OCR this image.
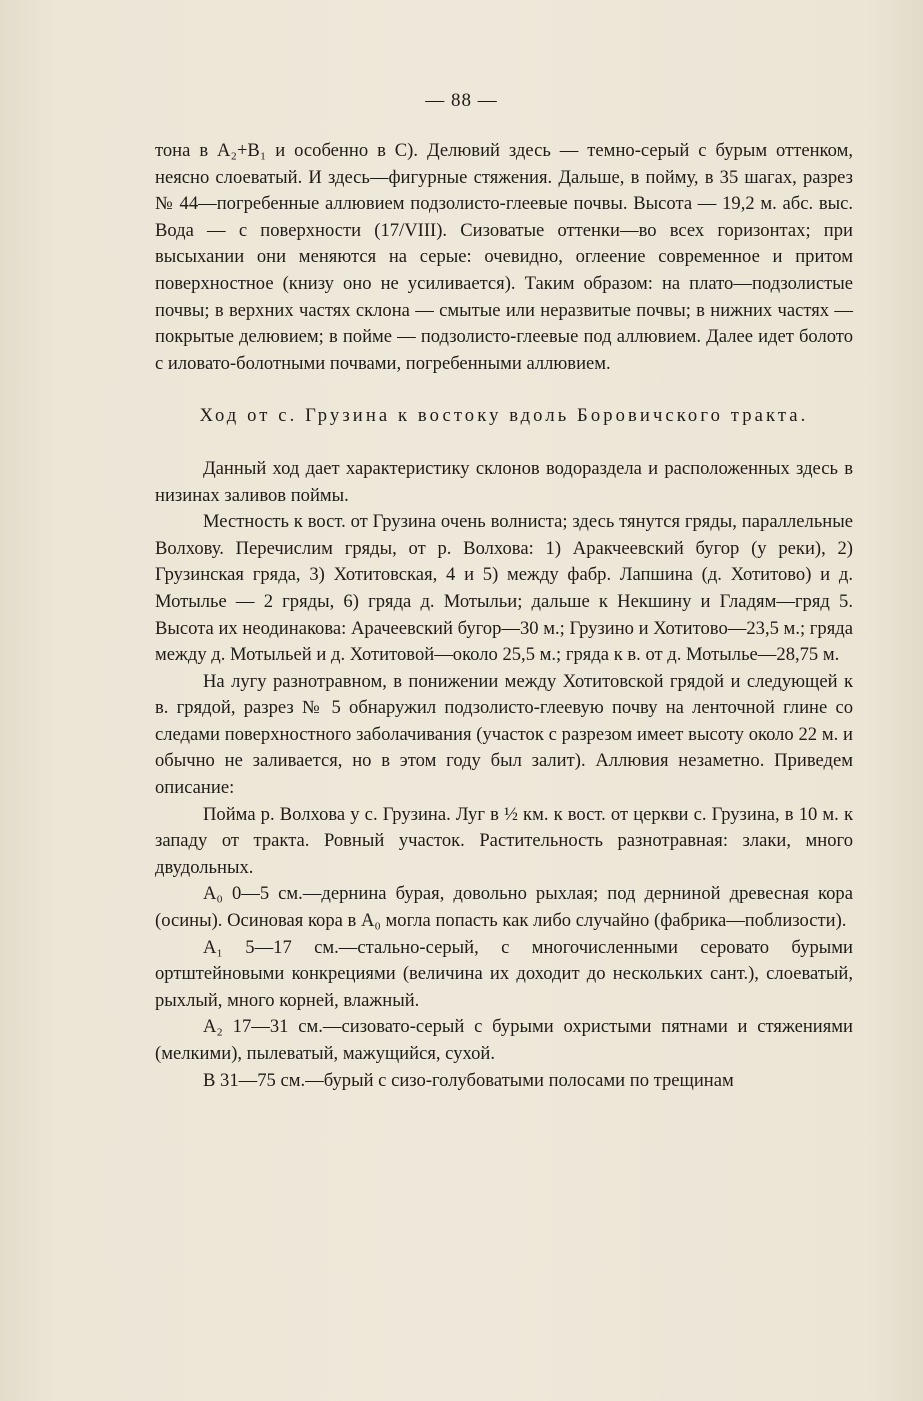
— 88 —

тона в A₂+B₁ и особенно в C). Делювий здесь — темно-серый с бурым оттенком, неясно слоеватый. И здесь—фигурные стяжения. Дальше, в пойму, в 35 шагах, разрез № 44—погребенные аллювием подзолисто-глеевые почвы. Высота — 19,2 м. абс. выс. Вода — с поверхности (17/VIII). Сизоватые оттенки—во всех горизонтах; при высыхании они меняются на серые: очевидно, оглеение современное и притом поверхностное (книзу оно не усиливается). Таким образом: на плато—подзолистые почвы; в верхних частях склона — смытые или неразвитые почвы; в нижних частях — покрытые делювием; в пойме — подзолисто-глеевые под аллювием. Далее идет болото с иловато-болотными почвами, погребенными аллювием.

Ход от с. Грузина к востоку вдоль Боровичского тракта.

Данный ход дает характеристику склонов водораздела и расположенных здесь в низинах заливов поймы.

Местность к вост. от Грузина очень волниста; здесь тянутся гряды, параллельные Волхову. Перечислим гряды, от р. Волхова: 1) Аракчеевский бугор (у реки), 2) Грузинская гряда, 3) Хотитовская, 4 и 5) между фабр. Лапшина (д. Хотитово) и д. Мотылье — 2 гряды, 6) гряда д. Мотыльи; дальше к Некшину и Гладям—гряд 5. Высота их неодинакова: Арачеевский бугор—30 м.; Грузино и Хотитово—23,5 м.; гряда между д. Мотыльей и д. Хотитовой—около 25,5 м.; гряда к в. от д. Мотылье—28,75 м.

На лугу разнотравном, в понижении между Хотитовской грядой и следующей к в. грядой, разрез № 5 обнаружил подзолисто-глеевую почву на ленточной глине со следами поверхностного заболачивания (участок с разрезом имеет высоту около 22 м. и обычно не заливается, но в этом году был залит). Аллювия незаметно. Приведем описание:

Пойма р. Волхова у с. Грузина. Луг в ½ км. к вост. от церкви с. Грузина, в 10 м. к западу от тракта. Ровный участок. Растительность разнотравная: злаки, много двудольных.

A₀ 0—5 см.—дернина бурая, довольно рыхлая; под дерниной древесная кора (осины). Осиновая кора в A₀ могла попасть как либо случайно (фабрика—поблизости).

A₁ 5—17 см.—стально-серый, с многочисленными серовато бурыми ортштейновыми конкрециями (величина их доходит до нескольких сант.), слоеватый, рыхлый, много корней, влажный.

A₂ 17—31 см.—сизовато-серый с бурыми охристыми пятнами и стяжениями (мелкими), пылеватый, мажущийся, сухой.

B 31—75 см.—бурый с сизо-голубоватыми полосами по трещинам
